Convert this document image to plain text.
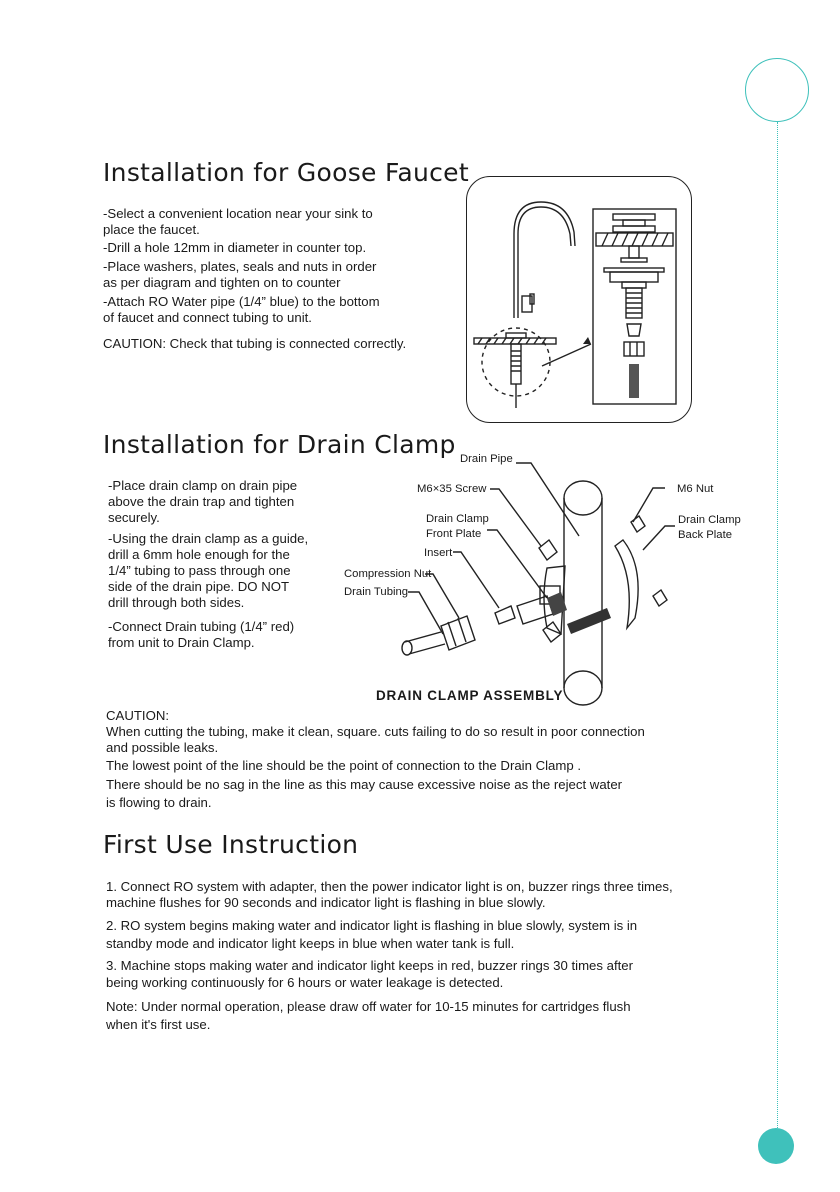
Installation for Goose Faucet
-Select a convenient location near your sink to
place the faucet.
-Drill a hole 12mm in diameter in counter top.
-Place washers, plates, seals and nuts in order
as per diagram and tighten on to counter
-Attach RO Water pipe (1/4” blue) to the bottom
of faucet and connect tubing to unit.
CAUTION: Check that tubing is connected correctly.
Installation for Drain Clamp
-Place drain clamp on drain pipe
above the drain trap and tighten
securely.
-Using the drain clamp as a guide,
drill a 6mm hole enough for the
1/4” tubing to pass through one
side of the drain pipe. DO NOT
drill through both sides.
-Connect Drain tubing (1/4” red)
from unit to Drain Clamp.
Drain Pipe
M6×35 Screw	M6 Nut
Drain Clamp
Front Plate
Drain Clamp
Back Plate
Insert
Compression Nut
Drain Tubing
DRAIN CLAMP ASSEMBLY
CAUTION:
When cutting the tubing, make it clean, square. cuts failing to do so result in poor connection
and possible leaks.
The lowest point of the line should be the point of connection to the Drain Clamp .
There should be no sag in the line as this may cause excessive noise as the reject water
is flowing to drain.
First Use Instruction
1. Connect RO system with adapter, then the power indicator light is on, buzzer rings three times,
machine flushes for 90 seconds and indicator light is flashing in blue slowly.
2. RO system begins making water and indicator light is flashing in blue slowly, system is in
standby mode and indicator light keeps in blue when water tank is full.
3. Machine stops making water and indicator light keeps in red, buzzer rings 30 times after
being working continuously for 6 hours or water leakage is detected.
Note: Under normal operation, please draw off water for 10-15 minutes for cartridges flush
when it's first use.
